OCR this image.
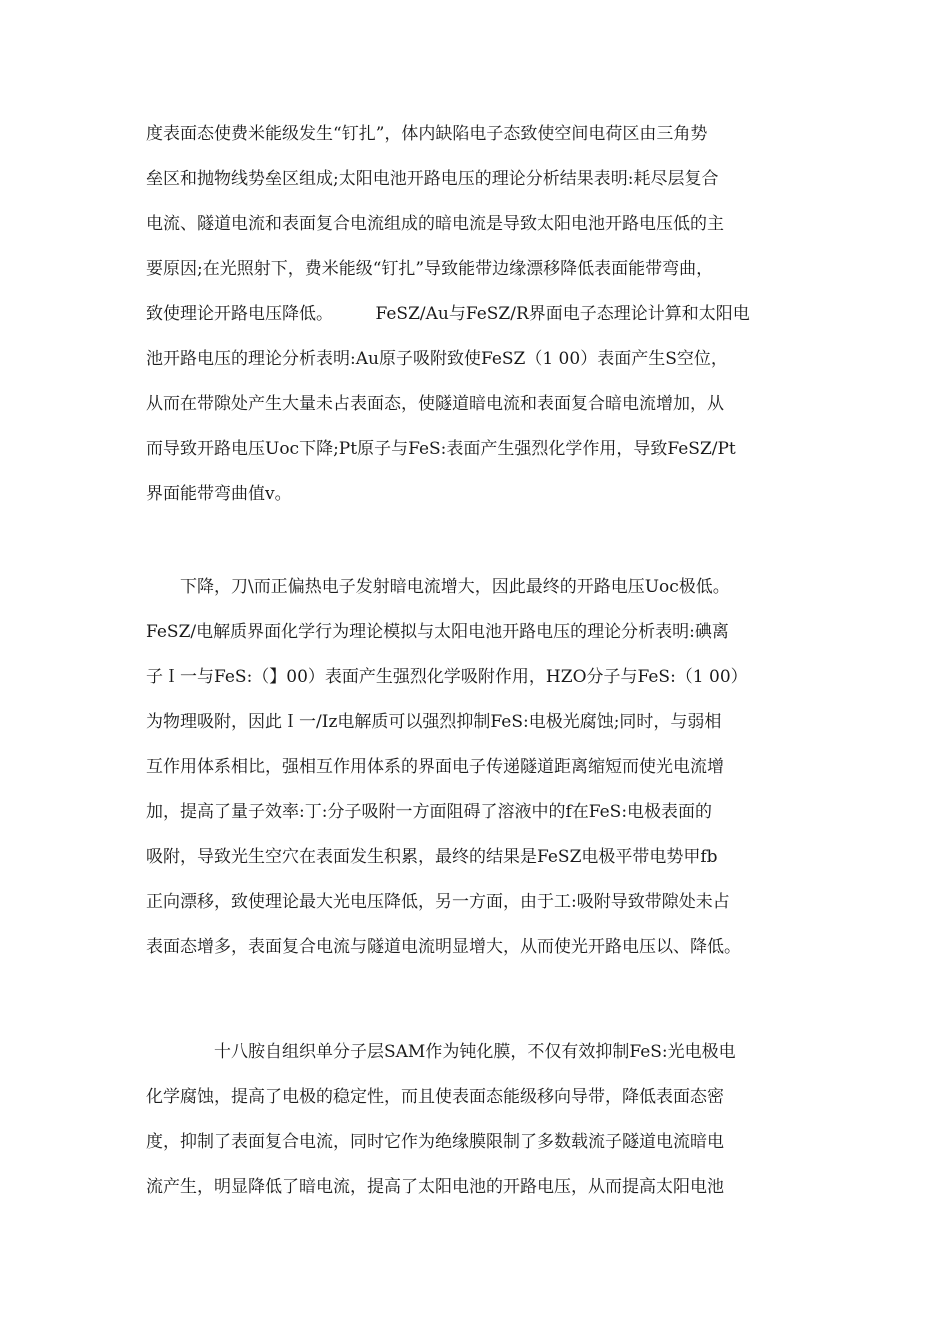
度表面态使费米能级发生“钉扎”，体内缺陷电子态致使空间电荷区由三角势
垒区和抛物线势垒区组成;太阳电池开路电压的理论分析结果表明:耗尽层复合
电流、隧道电流和表面复合电流组成的暗电流是导致太阳电池开路电压低的主
要原因;在光照射下，费米能级“钉扎”导致能带边缘漂移降低表面能带弯曲，
致使理论开路电压降低。　　　FeSZ/Au与FeSZ/R界面电子态理论计算和太阳电
池开路电压的理论分析表明:Au原子吸附致使FeSZ（1 00）表面产生S空位，
从而在带隙处产生大量未占表面态，使隧道暗电流和表面复合暗电流增加，从
而导致开路电压Uoc下降;Pt原子与FeS:表面产生强烈化学作用，导致FeSZ/Pt
界面能带弯曲值v。
　　下降，刀\而正偏热电子发射暗电流增大，因此最终的开路电压Uoc极低。
FeSZ/电解质界面化学行为理论模拟与太阳电池开路电压的理论分析表明:碘离
子Ｉ一与FeS:（】00）表面产生强烈化学吸附作用，HZO分子与FeS:（1 00）
为物理吸附，因此Ｉ一/Iz电解质可以强烈抑制FeS:电极光腐蚀;同时，与弱相
互作用体系相比，强相互作用体系的界面电子传递隧道距离缩短而使光电流增
加，提高了量子效率:丁:分子吸附一方面阻碍了溶液中的f在FeS:电极表面的
吸附，导致光生空穴在表面发生积累，最终的结果是FeSZ电极平带电势甲fb
正向漂移，致使理论最大光电压降低，另一方面，由于工:吸附导致带隙处未占
表面态增多，表面复合电流与隧道电流明显增大，从而使光开路电压以、降低。
　　　　十八胺自组织单分子层SAM作为钝化膜，不仅有效抑制FeS:光电极电
化学腐蚀，提高了电极的稳定性，而且使表面态能级移向导带，降低表面态密
度，抑制了表面复合电流，同时它作为绝缘膜限制了多数载流子隧道电流暗电
流产生，明显降低了暗电流，提高了太阳电池的开路电压，从而提高太阳电池
